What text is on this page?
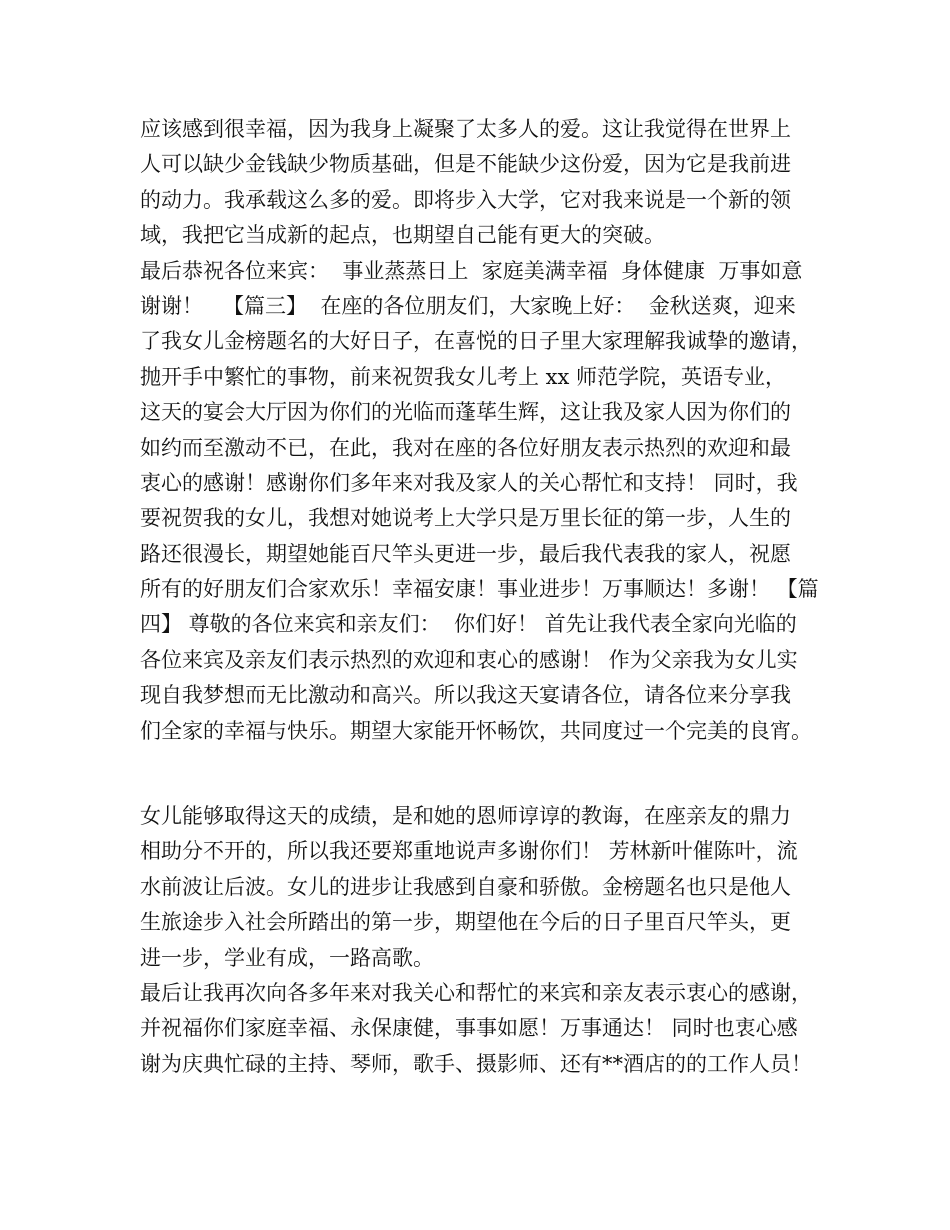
应该感到很幸福，因为我身上凝聚了太多人的爱。这让我觉得在世界上
人可以缺少金钱缺少物质基础，但是不能缺少这份爱，因为它是我前进
的动力。我承载这么多的爱。即将步入大学，它对我来说是一个新的领
域，我把它当成新的起点，也期望自己能有更大的突破。
最后恭祝各位来宾：  事业蒸蒸日上  家庭美满幸福  身体健康  万事如意
谢谢！   【篇三】  在座的各位朋友们，大家晚上好：  金秋送爽，迎来
了我女儿金榜题名的大好日子，在喜悦的日子里大家理解我诚挚的邀请，
抛开手中繁忙的事物，前来祝贺我女儿考上 xx 师范学院，英语专业，
这天的宴会大厅因为你们的光临而蓬荜生辉，这让我及家人因为你们的
如约而至激动不已，在此，我对在座的各位好朋友表示热烈的欢迎和最
衷心的感谢！感谢你们多年来对我及家人的关心帮忙和支持！ 同时，我
要祝贺我的女儿，我想对她说考上大学只是万里长征的第一步，人生的
路还很漫长，期望她能百尺竿头更进一步，最后我代表我的家人，祝愿
所有的好朋友们合家欢乐！幸福安康！事业进步！万事顺达！多谢！ 【篇
四】 尊敬的各位来宾和亲友们：  你们好！ 首先让我代表全家向光临的
各位来宾及亲友们表示热烈的欢迎和衷心的感谢！ 作为父亲我为女儿实
现自我梦想而无比激动和高兴。所以我这天宴请各位，请各位来分享我
们全家的幸福与快乐。期望大家能开怀畅饮，共同度过一个完美的良宵。
女儿能够取得这天的成绩，是和她的恩师谆谆的教诲，在座亲友的鼎力
相助分不开的，所以我还要郑重地说声多谢你们！ 芳林新叶催陈叶，流
水前波让后波。女儿的进步让我感到自豪和骄傲。金榜题名也只是他人
生旅途步入社会所踏出的第一步，期望他在今后的日子里百尺竿头，更
进一步，学业有成，一路高歌。
最后让我再次向各多年来对我关心和帮忙的来宾和亲友表示衷心的感谢，
并祝福你们家庭幸福、永保康健，事事如愿！万事通达！ 同时也衷心感
谢为庆典忙碌的主持、琴师，歌手、摄影师、还有**酒店的的工作人员！
